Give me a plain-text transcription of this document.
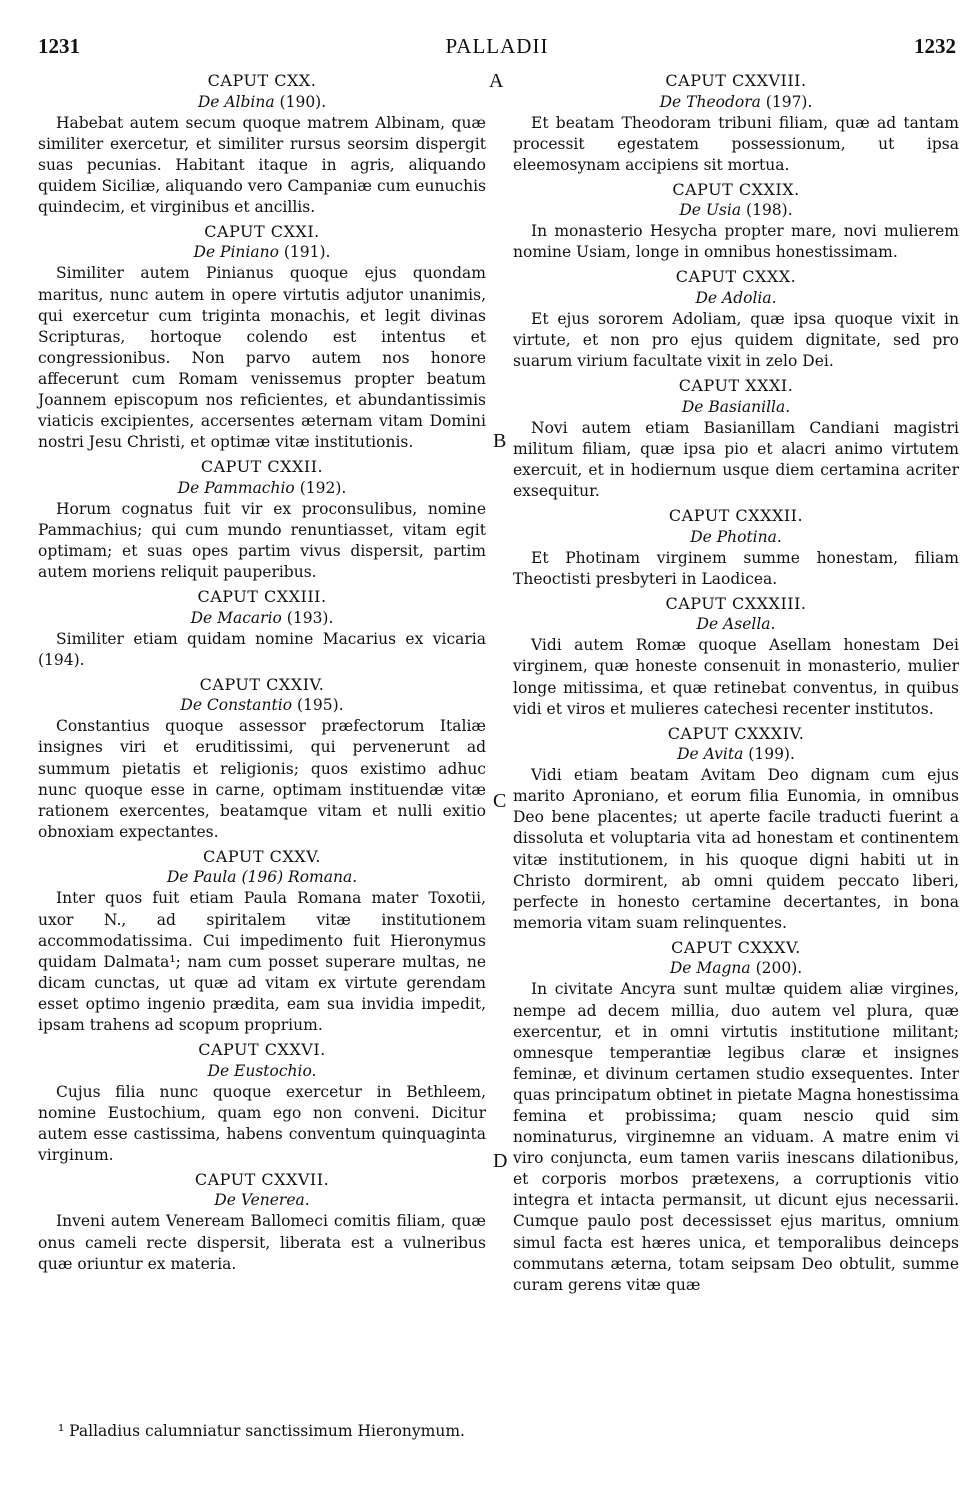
1231	PALLADII	1232
A
B
C
D
CAPUT CXX.
De Albina (190).

Habebat autem secum quoque matrem Albinam, quæ similiter exercetur, et similiter rursus seorsim dispergit suas pecunias. Habitant itaque in agris, aliquando quidem Siciliæ, aliquando vero Campaniæ cum eunuchis quindecim, et virginibus et ancillis.

CAPUT CXXI.
De Piniano (191).

Similiter autem Pinianus quoque ejus quondam maritus, nunc autem in opere virtutis adjutor unanimis, qui exercetur cum triginta monachis, et legit divinas Scripturas, hortoque colendo est intentus et congressionibus. Non parvo autem nos honore affecerunt cum Romam venissemus propter beatum Joannem episcopum nos reficientes, et abundantissimis viaticis excipientes, accersentes æternam vitam Domini nostri Jesu Christi, et optimæ vitæ institutionis.

CAPUT CXXII.
De Pammachio (192).

Horum cognatus fuit vir ex proconsulibus, nomine Pammachius; qui cum mundo renuntiasset, vitam egit optimam; et suas opes partim vivus dispersit, partim autem moriens reliquit pauperibus.

CAPUT CXXIII.
De Macario (193).

Similiter etiam quidam nomine Macarius ex vicaria (194).

CAPUT CXXIV.
De Constantio (195).

Constantius quoque assessor præfectorum Italiæ insignes viri et eruditissimi, qui pervenerunt ad summum pietatis et religionis; quos existimo adhuc nunc quoque esse in carne, optimam instituendæ vitæ rationem exercentes, beatamque vitam et nulli exitio obnoxiam expectantes.

CAPUT CXXV.
De Paula (196) Romana.

Inter quos fuit etiam Paula Romana mater Toxotii, uxor N., ad spiritalem vitæ institutionem accommodatissima. Cui impedimento fuit Hieronymus quidam Dalmata¹; nam cum posset superare multas, ne dicam cunctas, ut quæ ad vitam ex virtute gerendam esset optimo ingenio prædita, eam sua invidia impedit, ipsam trahens ad scopum proprium.

CAPUT CXXVI.
De Eustochio.

Cujus filia nunc quoque exercetur in Bethleem, nomine Eustochium, quam ego non conveni. Dicitur autem esse castissima, habens conventum quinquaginta virginum.

CAPUT CXXVII.
De Venerea.

Inveni autem Veneream Ballomeci comitis filiam, quæ onus cameli recte dispersit, liberata est a vulneribus quæ oriuntur ex materia.

CAPUT CXXVIII.
De Theodora (197).

Et beatam Theodoram tribuni filiam, quæ ad tantam processit egestatem possessionum, ut ipsa eleemosynam accipiens sit mortua.

CAPUT CXXIX.
De Usia (198).

In monasterio Hesycha propter mare, novi mulierem nomine Usiam, longe in omnibus honestissimam.

CAPUT CXXX.
De Adolia.

Et ejus sororem Adoliam, quæ ipsa quoque vixit in virtute, et non pro ejus quidem dignitate, sed pro suarum virium facultate vixit in zelo Dei.

CAPUT XXXI.
De Basianilla.

Novi autem etiam Basianillam Candiani magistri militum filiam, quæ ipsa pio et alacri animo virtutem exercuit, et in hodiernum usque diem certamina acriter exsequitur.

CAPUT CXXXII.
De Photina.

Et Photinam virginem summe honestam, filiam Theoctisti presbyteri in Laodicea.

CAPUT CXXXIII.
De Asella.

Vidi autem Romæ quoque Asellam honestam Dei virginem, quæ honeste consenuit in monasterio, mulier longe mitissima, et quæ retinebat conventus, in quibus vidi et viros et mulieres catechesi recenter institutos.

CAPUT CXXXIV.
De Avita (199).

Vidi etiam beatam Avitam Deo dignam cum ejus marito Aproniano, et eorum filia Eunomia, in omnibus Deo bene placentes; ut aperte facile traducti fuerint a dissoluta et voluptaria vita ad honestam et continentem vitæ institutionem, in his quoque digni habiti ut in Christo dormirent, ab omni quidem peccato liberi, perfecte in honesto certamine decertantes, in bona memoria vitam suam relinquentes.

CAPUT CXXXV.
De Magna (200).

In civitate Ancyra sunt multæ quidem aliæ virgines, nempe ad decem millia, duo autem vel plura, quæ exercentur, et in omni virtutis institutione militant; omnesque temperantiæ legibus claræ et insignes feminæ, et divinum certamen studio exsequentes. Inter quas principatum obtinet in pietate Magna honestissima femina et probissima; quam nescio quid sim nominaturus, virginemne an viduam. A matre enim vi viro conjuncta, eum tamen variis inescans dilationibus, et corporis morbos prætexens, a corruptionis vitio integra et intacta permansit, ut dicunt ejus necessarii. Cumque paulo post decessisset ejus maritus, omnium simul facta est hæres unica, et temporalibus deinceps commutans æterna, totam seipsam Deo obtulit, summe curam gerens vitæ quæ

¹ Palladius calumniatur sanctissimum Hieronymum.
